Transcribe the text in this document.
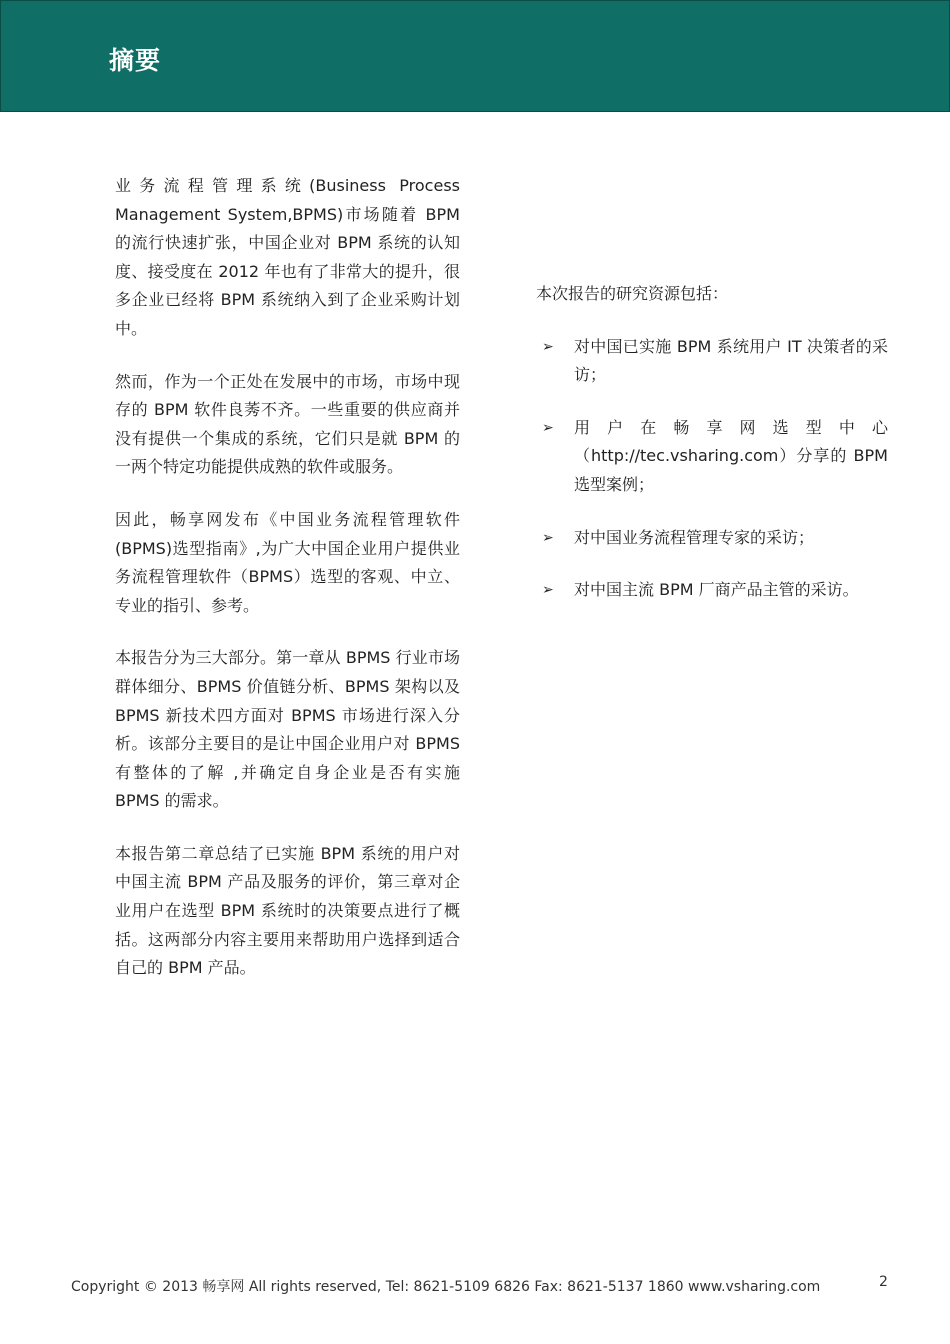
摘要

业务流程管理系统(Business Process Management System,BPMS)市场随着 BPM 的流行快速扩张，中国企业对 BPM 系统的认知度、接受度在 2012 年也有了非常大的提升，很多企业已经将 BPM 系统纳入到了企业采购计划中。

然而，作为一个正处在发展中的市场，市场中现存的 BPM 软件良莠不齐。一些重要的供应商并没有提供一个集成的系统，它们只是就 BPM 的一两个特定功能提供成熟的软件或服务。

因此，畅享网发布《中国业务流程管理软件(BPMS)选型指南》,为广大中国企业用户提供业务流程管理软件（BPMS）选型的客观、中立、专业的指引、参考。

本报告分为三大部分。第一章从 BPMS 行业市场群体细分、BPMS 价值链分析、BPMS 架构以及 BPMS 新技术四方面对 BPMS 市场进行深入分析。该部分主要目的是让中国企业用户对 BPMS 有整体的了解 ,并确定自身企业是否有实施 BPMS 的需求。

本报告第二章总结了已实施 BPM 系统的用户对中国主流 BPM 产品及服务的评价，第三章对企业用户在选型 BPM 系统时的决策要点进行了概括。这两部分内容主要用来帮助用户选择到适合自己的 BPM 产品。

本次报告的研究资源包括：

➢ 对中国已实施 BPM 系统用户 IT 决策者的采访；
➢ 用 户 在 畅 享 网 选 型 中 心（http://tec.vsharing.com）分享的 BPM 选型案例；
➢ 对中国业务流程管理专家的采访；
➢ 对中国主流 BPM 厂商产品主管的采访。
Copyright © 2013 畅享网 All rights reserved, Tel: 8621-5109 6826 Fax: 8621-5137 1860 www.vsharing.com	2
